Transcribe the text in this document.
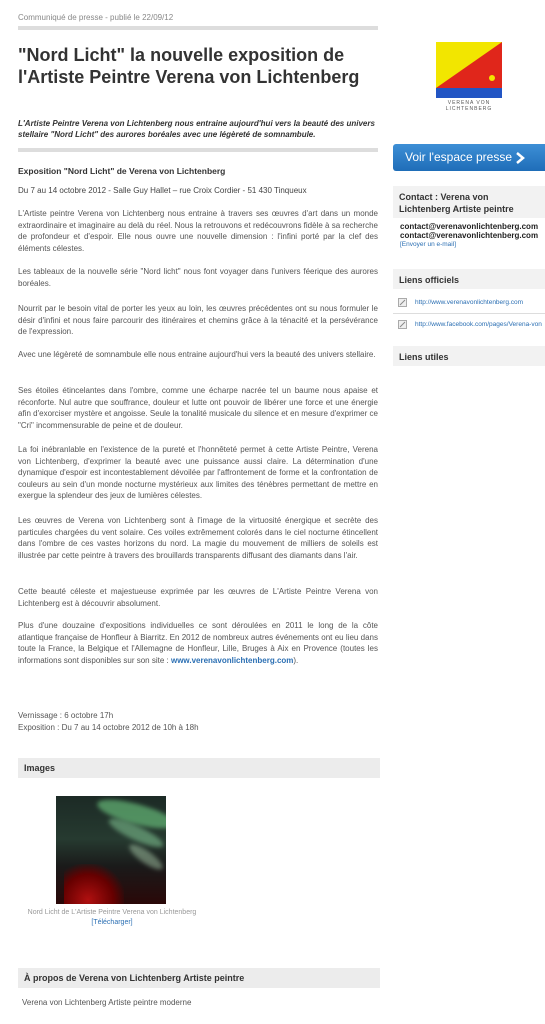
Communiqué de presse - publié le 22/09/12
"Nord Licht" la nouvelle exposition de l'Artiste Peintre Verena von Lichtenberg

L'Artiste Peintre Verena von Lichtenberg nous entraine aujourd'hui vers la beauté des univers stellaire "Nord Licht" des aurores boréales avec une légèreté de somnambule.

Exposition "Nord Licht" de Verena von Lichtenberg
Du 7 au 14 octobre 2012 - Salle Guy Hallet – rue Croix Cordier - 51 430 Tinqueux

L'Artiste peintre Verena von Lichtenberg nous entraine à travers ses œuvres d'art dans un monde extraordinaire et imaginaire au delà du réel. Nous la retrouvons et redécouvrons fidèle à sa recherche de profondeur et d'espoir. Elle nous ouvre une nouvelle dimension : l'infini porté par la clef des éléments célestes.

Les tableaux de la nouvelle série "Nord licht" nous font voyager dans l'univers féerique des aurores boréales.

Nourrit par le besoin vital de porter les yeux au loin, les œuvres précédentes ont su nous formuler le désir d'infini et nous faire parcourir des itinéraires et chemins grâce à la ténacité et la persévérance de l'expression.

Avec une légèreté de somnambule elle nous entraine aujourd'hui vers la beauté des univers stellaire.

Ses étoiles étincelantes dans l'ombre, comme une écharpe nacrée tel un baume nous apaise et réconforte. Nul autre que souffrance, douleur et lutte ont pouvoir de libérer une force et une énergie afin d'exorciser mystère et angoisse. Seule la tonalité musicale du silence et en mesure d'exprimer ce "Cri" incommensurable de peine et de douleur.

La foi inébranlable en l'existence de la pureté et l'honnêteté permet à cette Artiste Peintre, Verena von Lichtenberg, d'exprimer la beauté avec une puissance aussi claire. La détermination d'une dynamique d'espoir est incontestablement dévoilée par l'affrontement de forme et la confrontation de couleurs au sein d'un monde nocturne mystérieux aux limites des ténèbres permettant de mettre en exergue la splendeur des jeux de lumières célestes.

Les œuvres de Verena von Lichtenberg sont à l'image de la virtuosité énergique et secrète des particules chargées du vent solaire. Ces voiles extrêmement colorés dans le ciel nocturne étincellent dans l'ombre de ces vastes horizons du nord. La magie du mouvement de milliers de soleils est illustrée par cette peintre à travers des brouillards transparents diffusant des diamants dans l'air.

Cette beauté céleste et majestueuse exprimée par les œuvres de L'Artiste Peintre Verena von Lichtenberg est à découvrir absolument.

Plus d'une douzaine d'expositions individuelles ce sont déroulées en 2011 le long de la côte atlantique française de Honfleur à Biarritz. En 2012 de nombreux autres événements ont eu lieu dans toute la France, la Belgique et l'Allemagne de Honfleur, Lille, Bruges à Aix en Provence (toutes les informations sont disponibles sur son site : www.verenavonlichtenberg.com).

Vernissage : 6 octobre 17h
Exposition : Du 7 au 14 octobre 2012 de 10h à 18h
Images
Nord Licht de L'Artiste Peintre Verena von Lichtenberg
[Télécharger]
À propos de Verena von Lichtenberg Artiste peintre
Verena von Lichtenberg Artiste peintre moderne
VERENA VON LICHTENBERG
Voir l'espace presse
Contact : Verena von Lichtenberg Artiste peintre
contact@verenavonlichtenberg.com
contact@verenavonlichtenberg.com
[Envoyer un e-mail]
Liens officiels
http://www.verenavonlichtenberg.com
http://www.facebook.com/pages/Verena-von
Liens utiles
